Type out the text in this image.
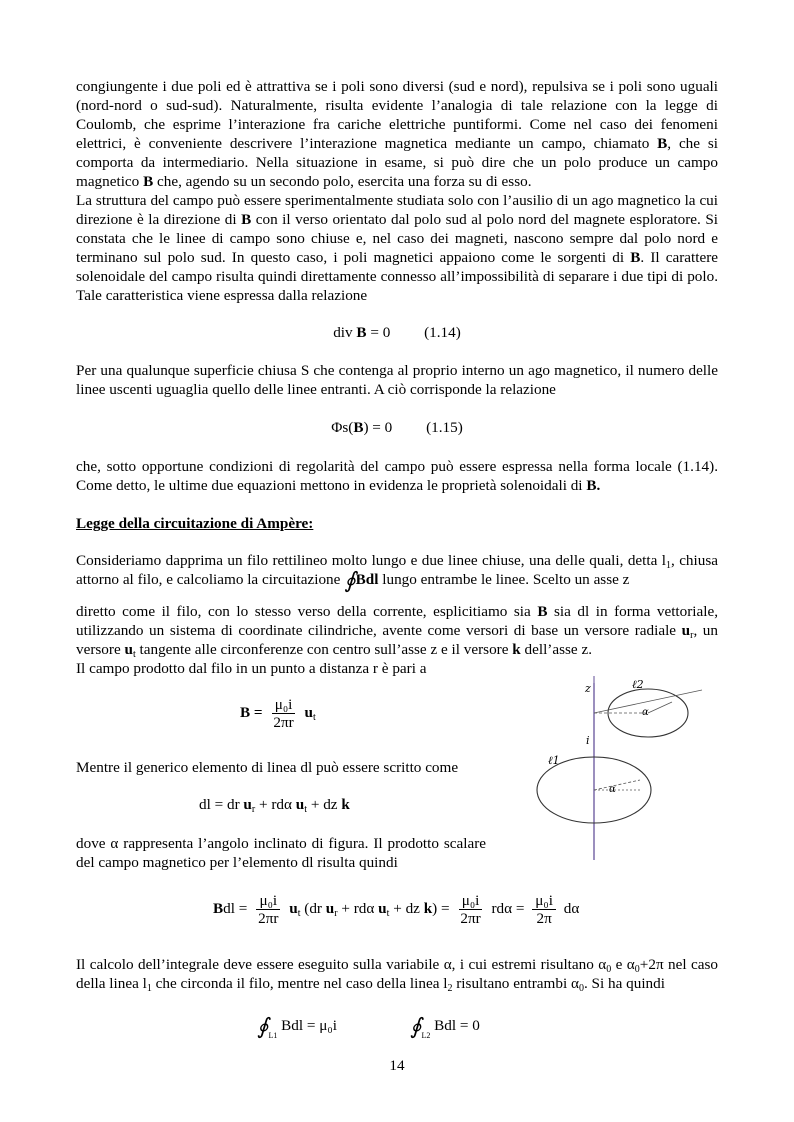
congiungente i due poli ed è attrattiva se i poli sono diversi (sud e nord), repulsiva se i poli sono uguali (nord-nord o sud-sud). Naturalmente, risulta evidente l’analogia di tale relazione con la legge di Coulomb, che esprime l’interazione fra cariche elettriche puntiformi. Come nel caso dei fenomeni elettrici, è conveniente descrivere l’interazione magnetica mediante un campo, chiamato B, che si comporta da intermediario. Nella situazione in esame, si può dire che un polo produce un campo magnetico B che, agendo su un secondo polo, esercita una forza su di esso.

La struttura del campo può essere sperimentalmente studiata solo con l’ausilio di un ago magnetico la cui direzione è la direzione di B con il verso orientato dal polo sud al polo nord del magnete esploratore. Si constata che le linee di campo sono chiuse e, nel caso dei magneti, nascono sempre dal polo nord e terminano sul polo sud. In questo caso, i poli magnetici appaiono come le sorgenti di B. Il carattere solenoidale del campo risulta quindi direttamente connesso all’impossibilità di separare i due tipi di polo. Tale caratteristica viene espressa dalla relazione

div B = 0 (1.14)

Per una qualunque superficie chiusa S che contenga al proprio interno un ago magnetico, il numero delle linee uscenti uguaglia quello delle linee entranti. A ciò corrisponde la relazione

Φs(B) = 0 (1.15)

che, sotto opportune condizioni di regolarità del campo può essere espressa nella forma locale (1.14). Come detto, le ultime due equazioni mettono in evidenza le proprietà solenoidali di B.

Legge della circuitazione di Ampère:

Consideriamo dapprima un filo rettilineo molto lungo e due linee chiuse, una delle quali, detta $l_1$, chiusa attorno al filo, e calcoliamo la circuitazione ∮Bdl lungo entrambe le linee. Scelto un asse z

diretto come il filo, con lo stesso verso della corrente, esplicitiamo sia B sia dl in forma vettoriale, utilizzando un sistema di coordinate cilindriche, avente come versori di base un versore radiale $u_r$, un versore $u_t$ tangente alle circonferenze con centro sull’asse z e il versore k dell’asse z.

Il campo prodotto dal filo in un punto a distanza r è pari a

$B = \frac{\text{μ₀i}}{2\pi r} u_t$

Mentre il generico elemento di linea dl può essere scritto come

dl = dr $u_r + rd\alpha$ $u_t$ + dz k

dove α rappresenta l’angolo inclinato di figura. Il prodotto scalare del campo magnetico per l’elemento dl risulta quindi

Bdl = $\frac{\text{μ₀i}}{2\pi r} u_t$ (dr $u_r + rd\alpha$ $u_t$ + dz $k) = \frac{\text{μ₀i}}{2\pi r}$ $rd\alpha = \frac{\text{μ₀i}}{2\pi}$ dα

Il calcolo dell’integrale deve essere eseguito sulla variabile α, i cui estremi risultano $\alpha_0$ e $\alpha_0+2\pi$ nel caso della linea $l_1$ che circonda il filo, mentre nel caso della linea $l_2$ risultano entrambi $\alpha_0$. Si ha quindi

$∮_{L1}$ Bdl = μ₀i	$∮_{L2}$ Bdl = 0
14
z	ℓ2
α
i
ℓ1
α
